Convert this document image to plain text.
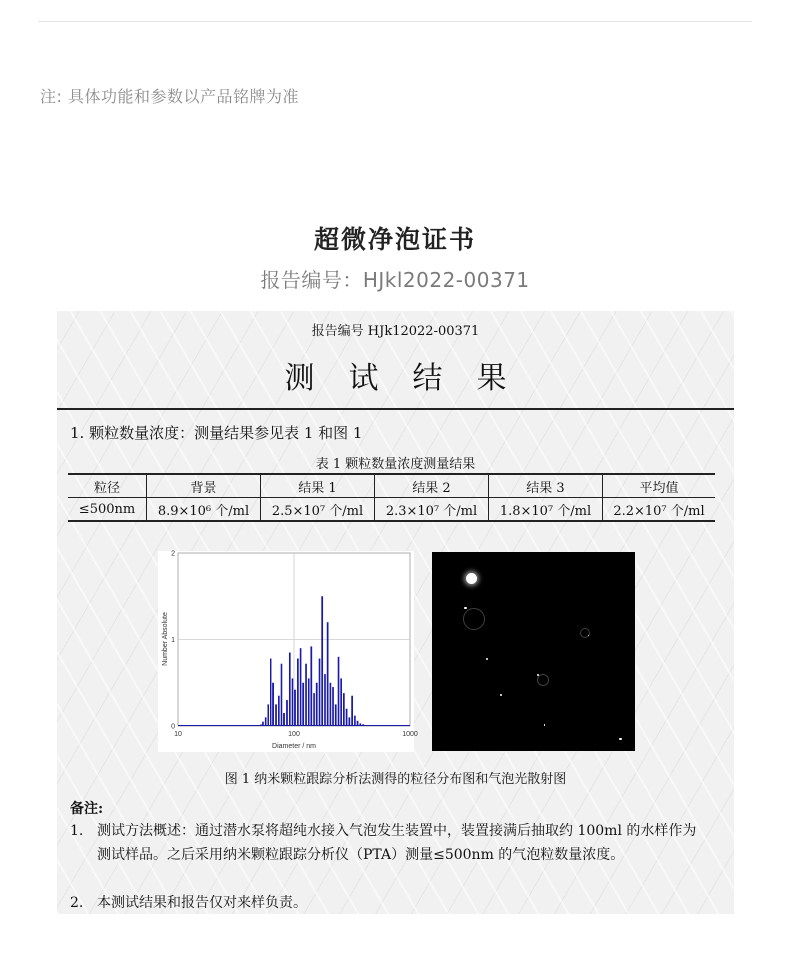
注: 具体功能和参数以产品铭牌为准
超微净泡证书
报告编号：HJkl2022-00371
报告编号 HJk12022-00371
测试结果
1. 颗粒数量浓度：测量结果参见表 1 和图 1
表 1 颗粒数量浓度测量结果
粒径	背景	结果 1	结果 2	结果 3	平均值
≤500nm	8.9×10⁶ 个/ml	2.5×10⁷ 个/ml	2.3×10⁷ 个/ml	1.8×10⁷ 个/ml	2.2×10⁷ 个/ml
10	100	1000
0
1
2
Diameter / nm
Number Absolute
图 1 纳米颗粒跟踪分析法测得的粒径分布图和气泡光散射图
备注:
1. 测试方法概述：通过潜水泵将超纯水接入气泡发生装置中，装置接满后抽取约 100ml 的水样作为测试样品。之后采用纳米颗粒跟踪分析仪（PTA）测量≤500nm 的气泡粒数量浓度。
2. 本测试结果和报告仅对来样负责。
